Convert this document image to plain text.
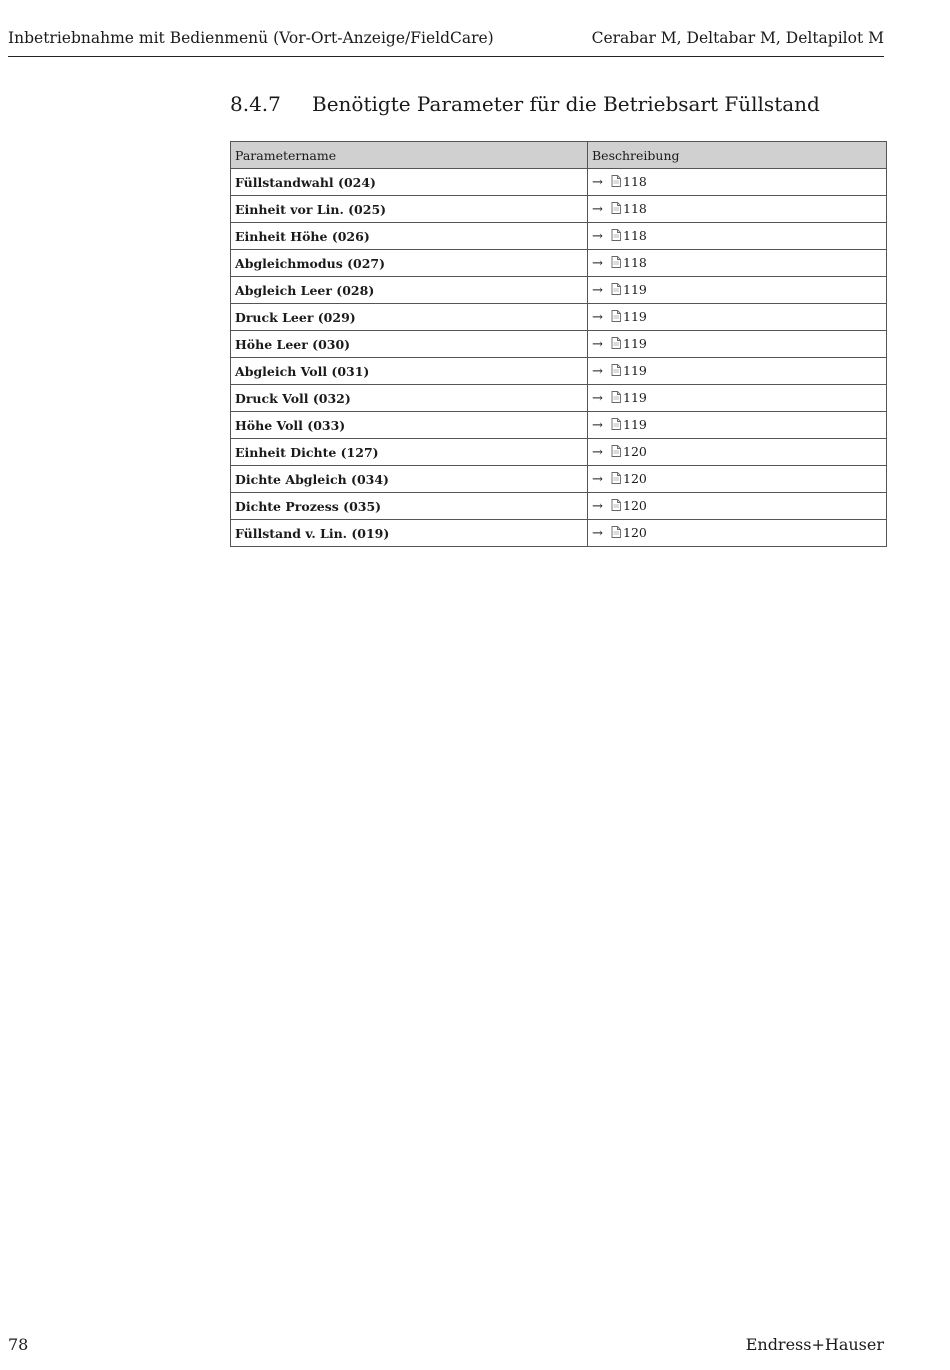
Inbetriebnahme mit Bedienmenü (Vor-Ort-Anzeige/FieldCare)	Cerabar M, Deltabar M, Deltapilot M
8.4.7 Benötigte Parameter für die Betriebsart Füllstand
Parametername	Beschreibung
Füllstandwahl (024)	→ 118
Einheit vor Lin. (025)	→ 118
Einheit Höhe (026)	→ 118
Abgleichmodus (027)	→ 118
Abgleich Leer (028)	→ 119
Druck Leer (029)	→ 119
Höhe Leer (030)	→ 119
Abgleich Voll (031)	→ 119
Druck Voll (032)	→ 119
Höhe Voll (033)	→ 119
Einheit Dichte (127)	→ 120
Dichte Abgleich (034)	→ 120
Dichte Prozess (035)	→ 120
Füllstand v. Lin. (019)	→ 120
78	Endress+Hauser
